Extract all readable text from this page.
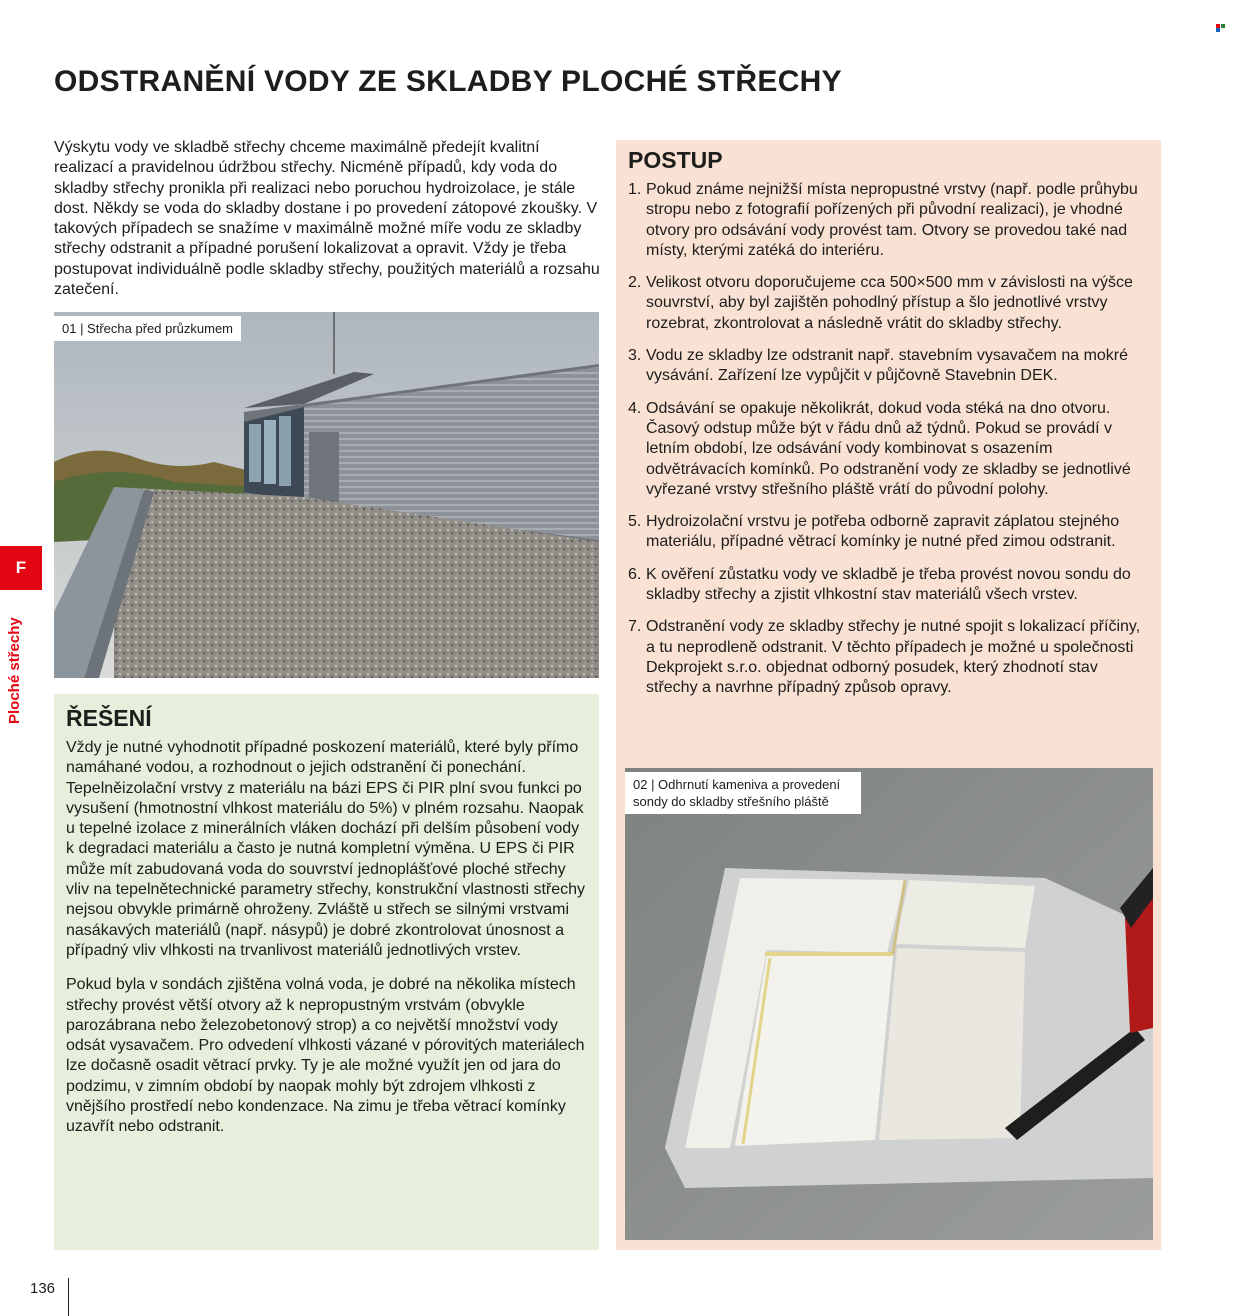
ODSTRANĚNÍ VODY ZE SKLADBY PLOCHÉ STŘECHY

Výskytu vody ve skladbě střechy chceme maximálně předejít kvalitní realizací a pravidelnou údržbou střechy. Nicméně případů, kdy voda do skladby střechy pronikla při realizaci nebo poruchou hydroizolace, je stále dost. Někdy se voda do skladby dostane i po provedení zátopové zkoušky. V takových případech se snažíme v maximálně možné míře vodu ze skladby střechy odstranit a případné porušení lokalizovat a opravit. Vždy je třeba postupovat individuálně podle skladby střechy, použitých materiálů a rozsahu zatečení.

01 | Střecha před průzkumem
ŘEŠENÍ

Vždy je nutné vyhodnotit případné poskození materiálů, které byly přímo namáhané vodou, a rozhodnout o jejich odstranění či ponechání. Tepelněizolační vrstvy z materiálu na bázi EPS či PIR plní svou funkci po vysušení (hmotnostní vlhkost materiálu do 5%) v plném rozsahu. Naopak u tepelné izolace z minerálních vláken dochází při delším působení vody k degradaci materiálu a často je nutná kompletní výměna. U EPS či PIR může mít zabudovaná voda do souvrství jednoplášťové ploché střechy vliv na tepelnětechnické parametry střechy, konstrukční vlastnosti střechy nejsou obvykle primárně ohroženy. Zvláště u střech se silnými vrstvami nasákavých materiálů (např. násypů) je dobré zkontrolovat únosnost a případný vliv vlhkosti na trvanlivost materiálů jednotlivých vrstev.

Pokud byla v sondách zjištěna volná voda, je dobré na několika místech střechy provést větší otvory až k nepropustným vrstvám (obvykle parozábrana nebo železobetonový strop) a co největší množství vody odsát vysavačem. Pro odvedení vlhkosti vázané v pórovitých materiálech lze dočasně osadit větrací prvky. Ty je ale možné využít jen od jara do podzimu, v zimním období by naopak mohly být zdrojem vlhkosti z vnějšího prostředí nebo kondenzace. Na zimu je třeba větrací komínky uzavřít nebo odstranit.

POSTUP
1. Pokud známe nejnižší místa nepropustné vrstvy (např. podle průhybu stropu nebo z fotografií pořízených při původní realizaci), je vhodné otvory pro odsávání vody provést tam. Otvory se provedou také nad místy, kterými zatéká do interiéru.
2. Velikost otvoru doporučujeme cca 500×500 mm v závislosti na výšce souvrství, aby byl zajištěn pohodlný přístup a šlo jednotlivé vrstvy rozebrat, zkontrolovat a následně vrátit do skladby střechy.
3. Vodu ze skladby lze odstranit např. stavebním vysavačem na mokré vysávání. Zařízení lze vypůjčit v půjčovně Stavebnin DEK.
4. Odsávání se opakuje několikrát, dokud voda stéká na dno otvoru. Časový odstup může být v řádu dnů až týdnů. Pokud se provádí v letním období, lze odsávání vody kombinovat s osazením odvětrávacích komínků. Po odstranění vody ze skladby se jednotlivé vyřezané vrstvy střešního pláště vrátí do původní polohy.
5. Hydroizolační vrstvu je potřeba odborně zapravit záplatou stejného materiálu, případné větrací komínky je nutné před zimou odstranit.
6. K ověření zůstatku vody ve skladbě je třeba provést novou sondu do skladby střechy a zjistit vlhkostní stav materiálů všech vrstev.
7. Odstranění vody ze skladby střechy je nutné spojit s lokalizací příčiny, a tu neprodleně odstranit. V těchto případech je možné u společnosti Dekprojekt s.r.o. objednat odborný posudek, který zhodnotí stav střechy a navrhne případný způsob opravy.
02 | Odhrnutí kameniva a provedení sondy do skladby střešního pláště
F
Ploché střechy
136
